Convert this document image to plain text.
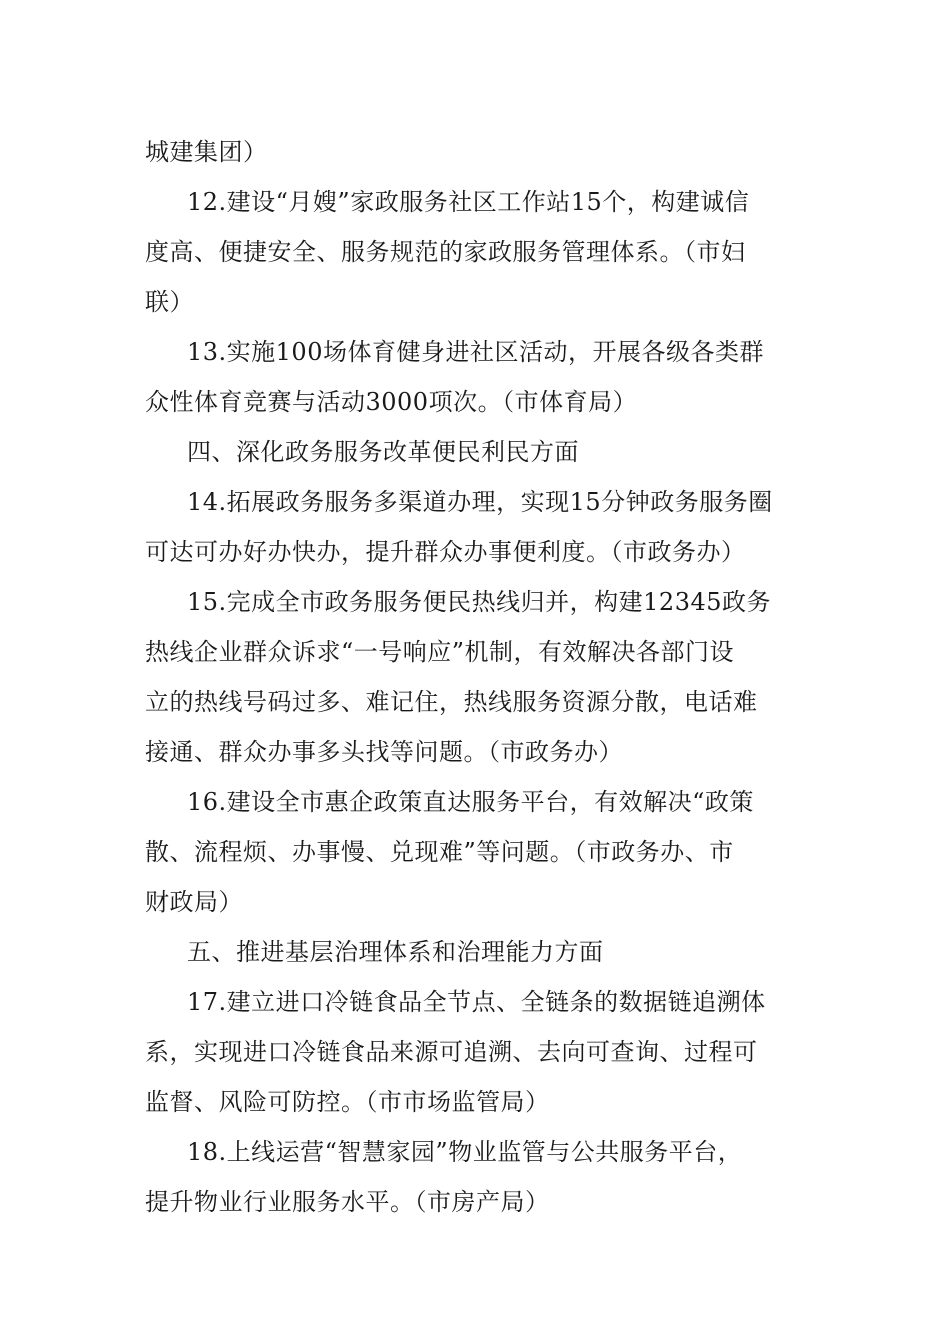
城建集团）
12.建设“月嫂”家政服务社区工作站15个，构建诚信
度高、便捷安全、服务规范的家政服务管理体系。（市妇
联）
13.实施100场体育健身进社区活动，开展各级各类群
众性体育竞赛与活动3000项次。（市体育局）
四、深化政务服务改革便民利民方面
14.拓展政务服务多渠道办理，实现15分钟政务服务圈
可达可办好办快办，提升群众办事便利度。（市政务办）
15.完成全市政务服务便民热线归并，构建12345政务
热线企业群众诉求“一号响应”机制，有效解决各部门设
立的热线号码过多、难记住，热线服务资源分散，电话难
接通、群众办事多头找等问题。（市政务办）
16.建设全市惠企政策直达服务平台，有效解决“政策
散、流程烦、办事慢、兑现难”等问题。（市政务办、市
财政局）
五、推进基层治理体系和治理能力方面
17.建立进口冷链食品全节点、全链条的数据链追溯体
系，实现进口冷链食品来源可追溯、去向可查询、过程可
监督、风险可防控。（市市场监管局）
18.上线运营“智慧家园”物业监管与公共服务平台，
提升物业行业服务水平。（市房产局）
